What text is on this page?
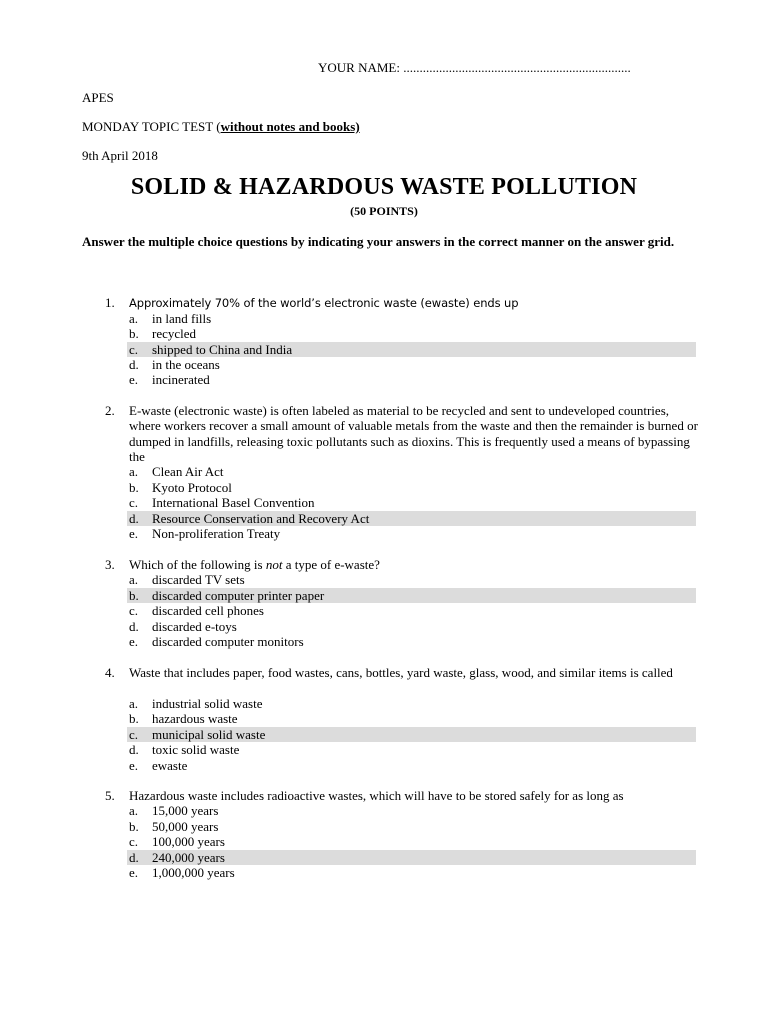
YOUR NAME: ......................................................................
APES
MONDAY TOPIC TEST (without notes and books)
9th April 2018
SOLID & HAZARDOUS WASTE POLLUTION
(50 POINTS)
Answer the multiple choice questions by indicating your answers in the correct manner on the answer grid.
1. Approximately 70% of the world’s electronic waste (ewaste) ends up
a. in land fills
b. recycled
c. shipped to China and India
d. in the oceans
e. incinerated
2. E-waste (electronic waste) is often labeled as material to be recycled and sent to undeveloped countries, where workers recover a small amount of valuable metals from the waste and then the remainder is burned or dumped in landfills, releasing toxic pollutants such as dioxins. This is frequently used a means of bypassing the
a. Clean Air Act
b. Kyoto Protocol
c. International Basel Convention
d. Resource Conservation and Recovery Act
e. Non-proliferation Treaty
3. Which of the following is not a type of e-waste?
a. discarded TV sets
b. discarded computer printer paper
c. discarded cell phones
d. discarded e-toys
e. discarded computer monitors
4. Waste that includes paper, food wastes, cans, bottles, yard waste, glass, wood, and similar items is called
a. industrial solid waste
b. hazardous waste
c. municipal solid waste
d. toxic solid waste
e. ewaste
5. Hazardous waste includes radioactive wastes, which will have to be stored safely for as long as
a. 15,000 years
b. 50,000 years
c. 100,000 years
d. 240,000 years
e. 1,000,000 years
